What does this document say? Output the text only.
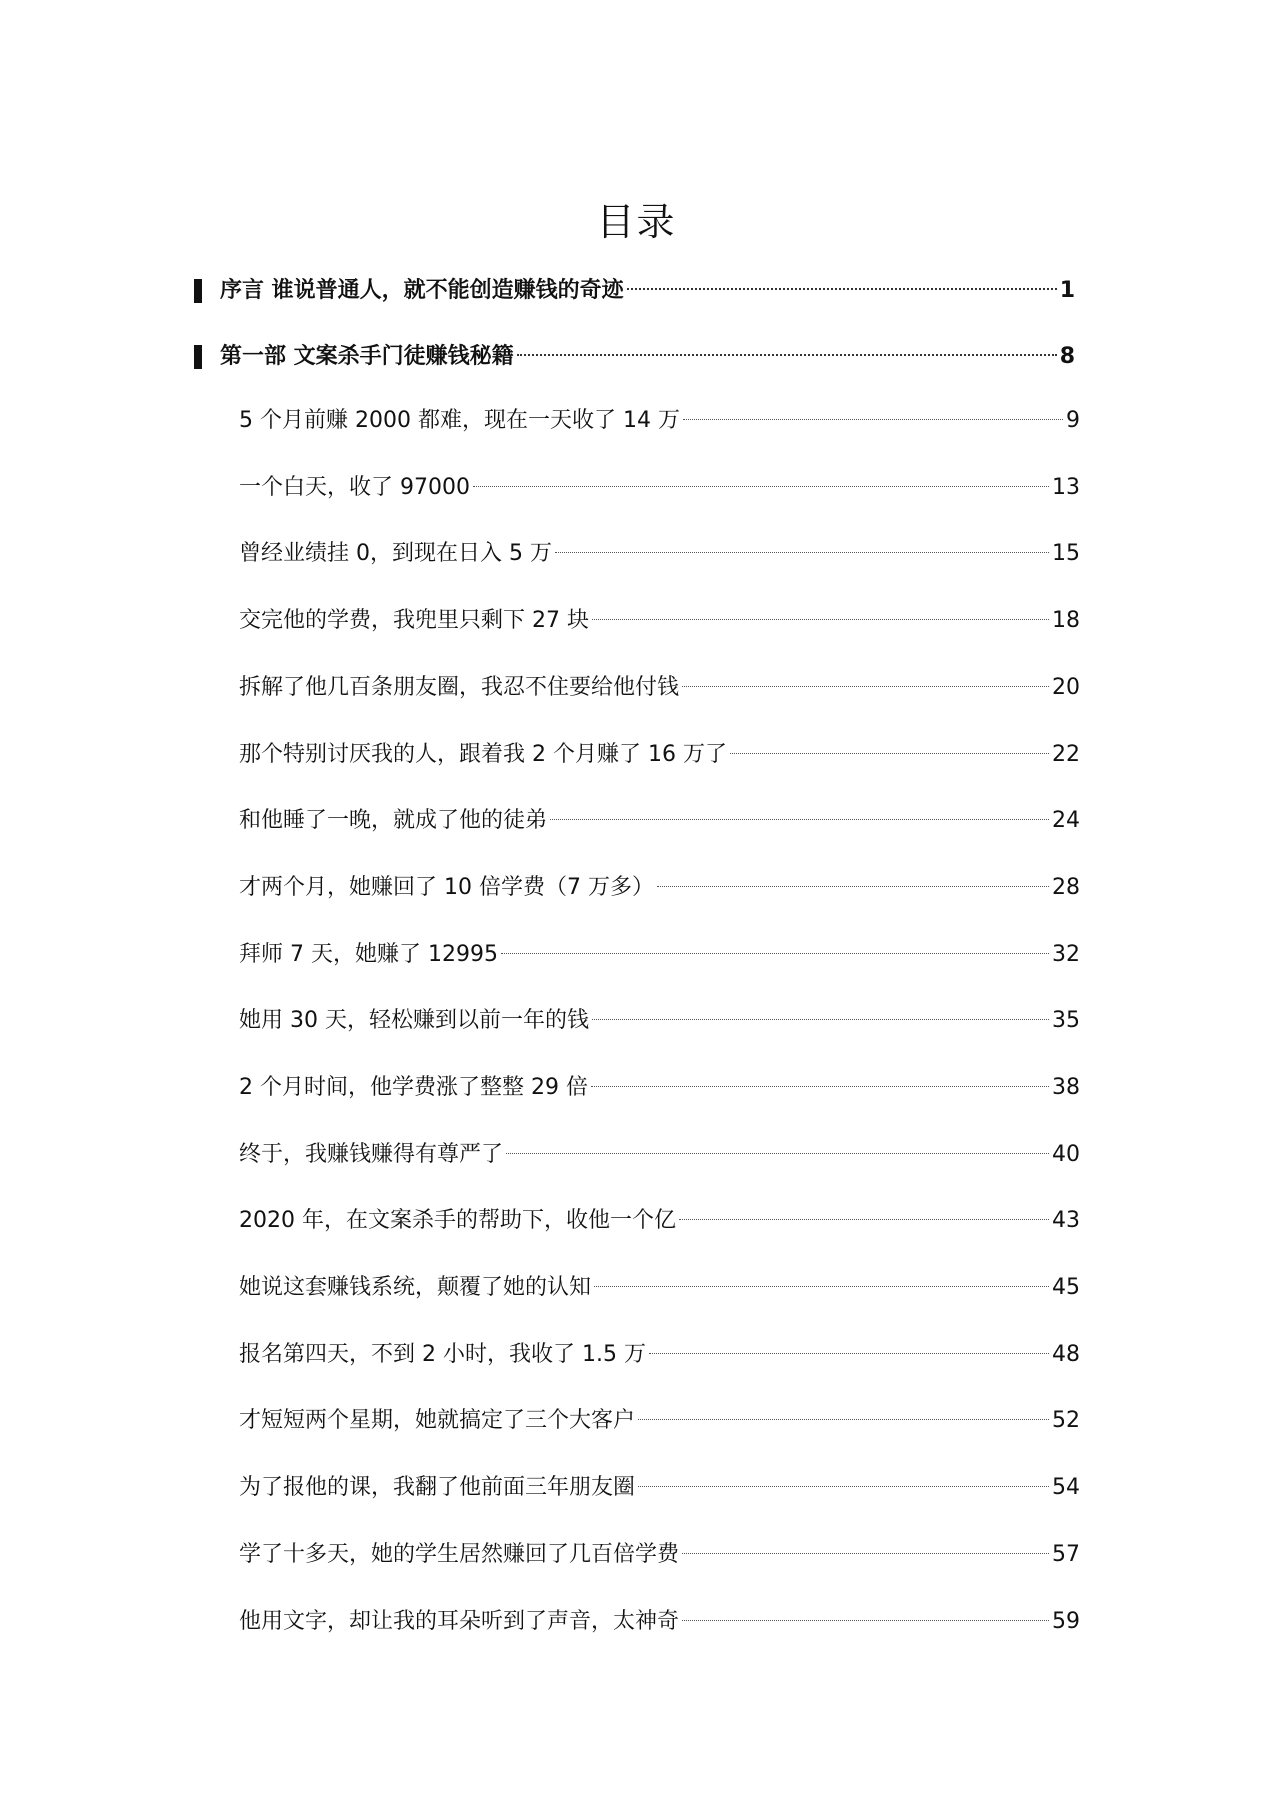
目录
序言 谁说普通人，就不能创造赚钱的奇迹	1
第一部 文案杀手门徒赚钱秘籍	8
5 个月前赚 2000 都难，现在一天收了 14 万	9
一个白天，收了 97000	13
曾经业绩挂 0，到现在日入 5 万	15
交完他的学费，我兜里只剩下 27 块	18
拆解了他几百条朋友圈，我忍不住要给他付钱	20
那个特别讨厌我的人，跟着我 2 个月赚了 16 万了	22
和他睡了一晚，就成了他的徒弟	24
才两个月，她赚回了 10 倍学费（7 万多）	28
拜师 7 天，她赚了 12995	32
她用 30 天，轻松赚到以前一年的钱	35
2 个月时间，他学费涨了整整 29 倍	38
终于，我赚钱赚得有尊严了	40
2020 年，在文案杀手的帮助下，收他一个亿	43
她说这套赚钱系统，颠覆了她的认知	45
报名第四天，不到 2 小时，我收了 1.5 万	48
才短短两个星期，她就搞定了三个大客户	52
为了报他的课，我翻了他前面三年朋友圈	54
学了十多天，她的学生居然赚回了几百倍学费	57
他用文字，却让我的耳朵听到了声音，太神奇	59
